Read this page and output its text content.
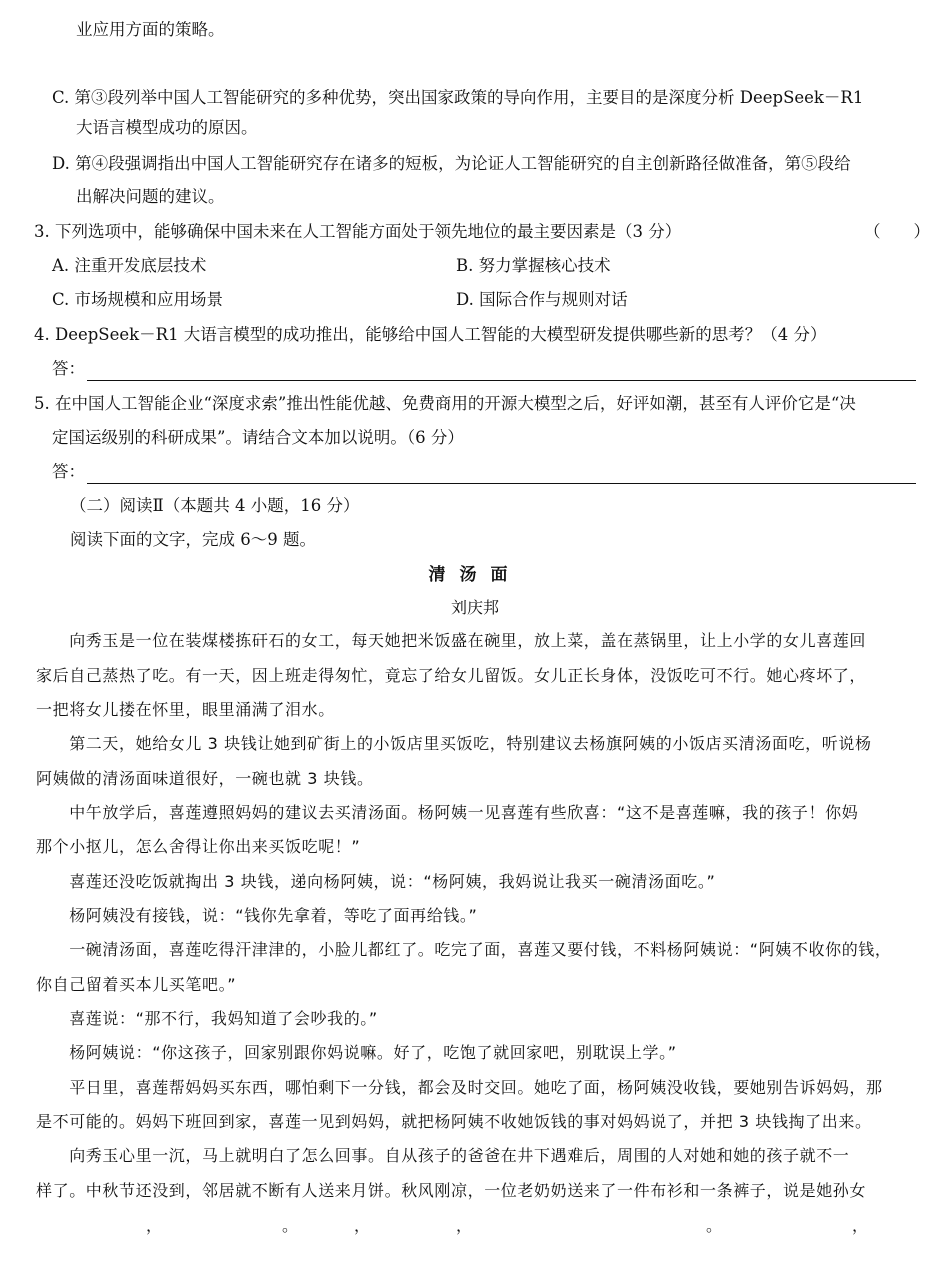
业应用方面的策略。
C. 第③段列举中国人工智能研究的多种优势，突出国家政策的导向作用，主要目的是深度分析 DeepSeek－R1
大语言模型成功的原因。
D. 第④段强调指出中国人工智能研究存在诸多的短板，为论证人工智能研究的自主创新路径做准备，第⑤段给
出解决问题的建议。
3. 下列选项中，能够确保中国未来在人工智能方面处于领先地位的最主要因素是（3 分）	（　　）
A. 注重开发底层技术	B. 努力掌握核心技术
C. 市场规模和应用场景	D. 国际合作与规则对话
4. DeepSeek－R1 大语言模型的成功推出，能够给中国人工智能的大模型研发提供哪些新的思考？（4 分）
答：
5. 在中国人工智能企业“深度求索”推出性能优越、免费商用的开源大模型之后，好评如潮，甚至有人评价它是“决
定国运级别的科研成果”。请结合文本加以说明。（6 分）
答：
（二）阅读Ⅱ（本题共 4 小题，16 分）
阅读下面的文字，完成 6～9 题。
清汤面
刘庆邦
　　向秀玉是一位在装煤楼拣矸石的女工，每天她把米饭盛在碗里，放上菜，盖在蒸锅里，让上小学的女儿喜莲回
家后自己蒸热了吃。有一天，因上班走得匆忙，竟忘了给女儿留饭。女儿正长身体，没饭吃可不行。她心疼坏了，
一把将女儿搂在怀里，眼里涌满了泪水。
　　第二天，她给女儿 3 块钱让她到矿街上的小饭店里买饭吃，特别建议去杨旗阿姨的小饭店买清汤面吃，听说杨
阿姨做的清汤面味道很好，一碗也就 3 块钱。
　　中午放学后，喜莲遵照妈妈的建议去买清汤面。杨阿姨一见喜莲有些欣喜：“这不是喜莲嘛，我的孩子！你妈
那个小抠儿，怎么舍得让你出来买饭吃呢！”
　　喜莲还没吃饭就掏出 3 块钱，递向杨阿姨，说：“杨阿姨，我妈说让我买一碗清汤面吃。”
　　杨阿姨没有接钱，说：“钱你先拿着，等吃了面再给钱。”
　　一碗清汤面，喜莲吃得汗津津的，小脸儿都红了。吃完了面，喜莲又要付钱，不料杨阿姨说：“阿姨不收你的钱，
你自己留着买本儿买笔吧。”
　　喜莲说：“那不行，我妈知道了会吵我的。”
　　杨阿姨说：“你这孩子，回家别跟你妈说嘛。好了，吃饱了就回家吧，别耽误上学。”
　　平日里，喜莲帮妈妈买东西，哪怕剩下一分钱，都会及时交回。她吃了面，杨阿姨没收钱，要她别告诉妈妈，那
是不可能的。妈妈下班回到家，喜莲一见到妈妈，就把杨阿姨不收她饭钱的事对妈妈说了，并把 3 块钱掏了出来。
　　向秀玉心里一沉，马上就明白了怎么回事。自从孩子的爸爸在井下遇难后，周围的人对她和她的孩子就不一
样了。中秋节还没到，邻居就不断有人送来月饼。秋风刚凉，一位老奶奶送来了一件布衫和一条裤子，说是她孙女
，	。	，	，	。	，
